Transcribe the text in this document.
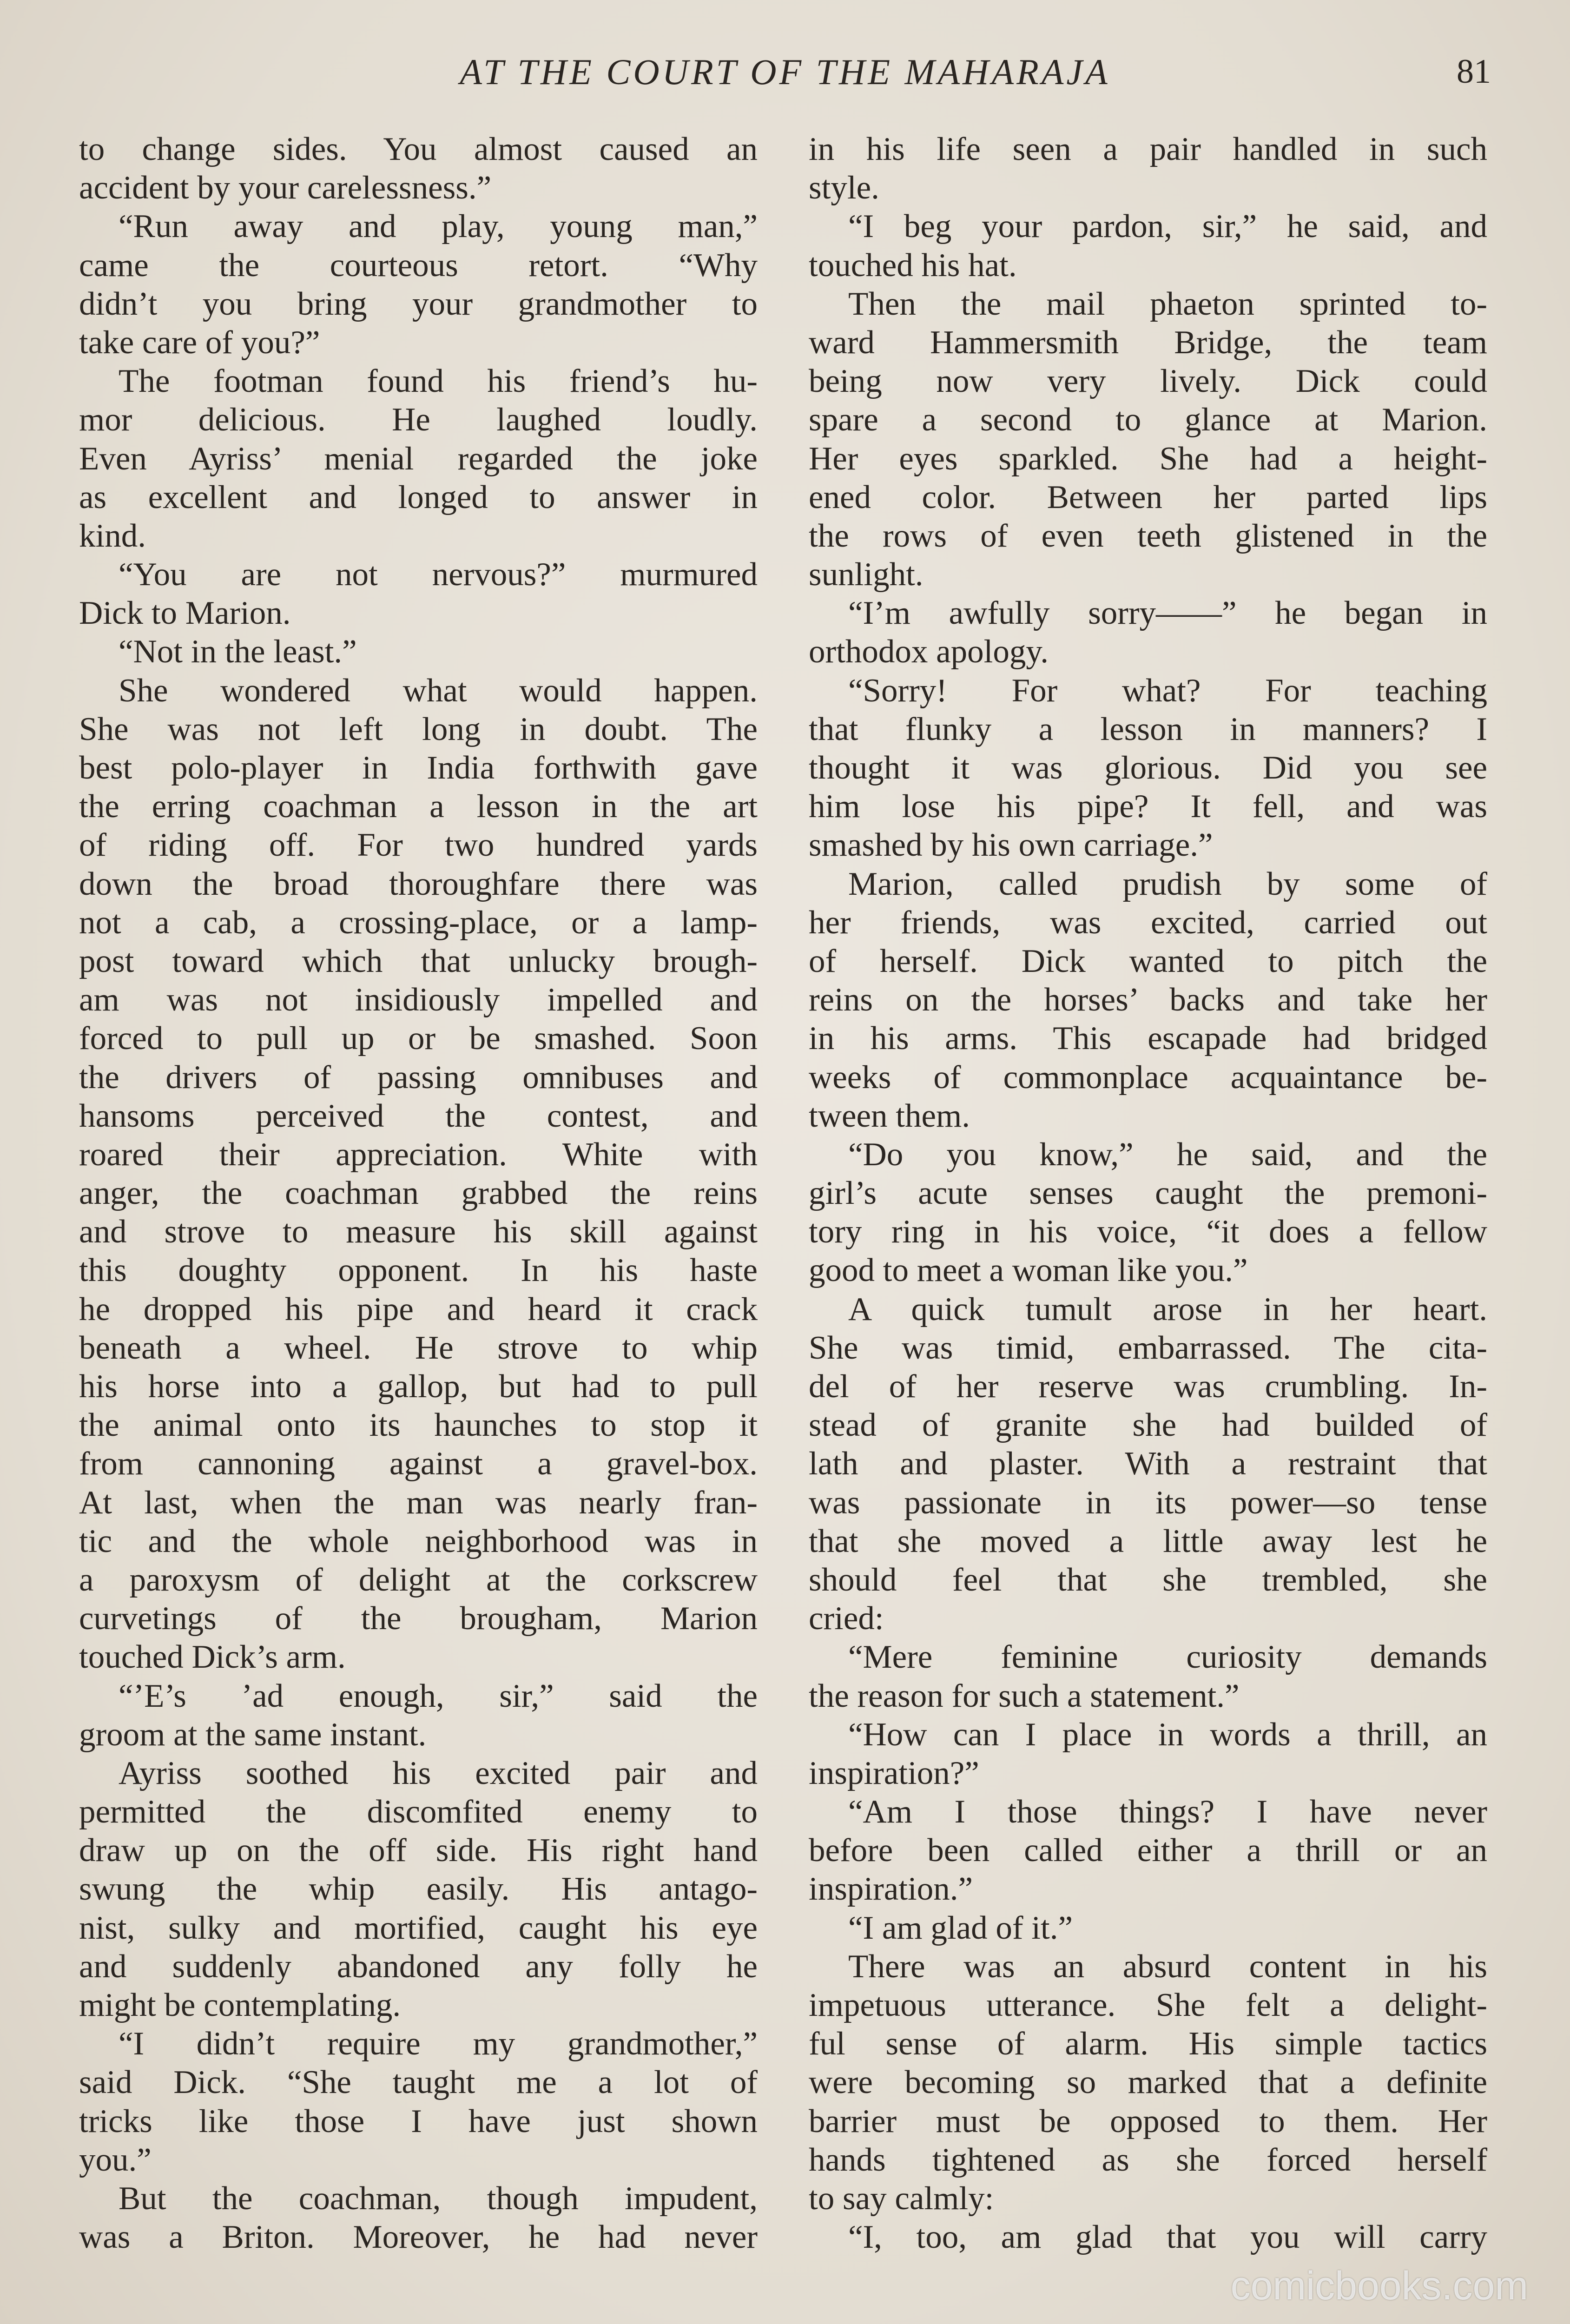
AT THE COURT OF THE MAHARAJA	81
to change sides. You almost caused an
accident by your carelessness.”
“Run away and play, young man,”
came the courteous retort. “Why
didn’t you bring your grandmother to
take care of you?”
The footman found his friend’s hu-
mor delicious. He laughed loudly.
Even Ayriss’ menial regarded the joke
as excellent and longed to answer in
kind.
“You are not nervous?” murmured
Dick to Marion.
“Not in the least.”
She wondered what would happen.
She was not left long in doubt. The
best polo-player in India forthwith gave
the erring coachman a lesson in the art
of riding off. For two hundred yards
down the broad thoroughfare there was
not a cab, a crossing-place, or a lamp-
post toward which that unlucky brough-
am was not insidiously impelled and
forced to pull up or be smashed. Soon
the drivers of passing omnibuses and
hansoms perceived the contest, and
roared their appreciation. White with
anger, the coachman grabbed the reins
and strove to measure his skill against
this doughty opponent. In his haste
he dropped his pipe and heard it crack
beneath a wheel. He strove to whip
his horse into a gallop, but had to pull
the animal onto its haunches to stop it
from cannoning against a gravel-box.
At last, when the man was nearly fran-
tic and the whole neighborhood was in
a paroxysm of delight at the corkscrew
curvetings of the brougham, Marion
touched Dick’s arm.
“’E’s ’ad enough, sir,” said the
groom at the same instant.
Ayriss soothed his excited pair and
permitted the discomfited enemy to
draw up on the off side. His right hand
swung the whip easily. His antago-
nist, sulky and mortified, caught his eye
and suddenly abandoned any folly he
might be contemplating.
“I didn’t require my grandmother,”
said Dick. “She taught me a lot of
tricks like those I have just shown
you.”
But the coachman, though impudent,
was a Briton. Moreover, he had never
in his life seen a pair handled in such
style.
“I beg your pardon, sir,” he said, and
touched his hat.
Then the mail phaeton sprinted to-
ward Hammersmith Bridge, the team
being now very lively. Dick could
spare a second to glance at Marion.
Her eyes sparkled. She had a height-
ened color. Between her parted lips
the rows of even teeth glistened in the
sunlight.
“I’m awfully sorry——” he began in
orthodox apology.
“Sorry! For what? For teaching
that flunky a lesson in manners? I
thought it was glorious. Did you see
him lose his pipe? It fell, and was
smashed by his own carriage.”
Marion, called prudish by some of
her friends, was excited, carried out
of herself. Dick wanted to pitch the
reins on the horses’ backs and take her
in his arms. This escapade had bridged
weeks of commonplace acquaintance be-
tween them.
“Do you know,” he said, and the
girl’s acute senses caught the premoni-
tory ring in his voice, “it does a fellow
good to meet a woman like you.”
A quick tumult arose in her heart.
She was timid, embarrassed. The cita-
del of her reserve was crumbling. In-
stead of granite she had builded of
lath and plaster. With a restraint that
was passionate in its power—so tense
that she moved a little away lest he
should feel that she trembled, she
cried:
“Mere feminine curiosity demands
the reason for such a statement.”
“How can I place in words a thrill, an
inspiration?”
“Am I those things? I have never
before been called either a thrill or an
inspiration.”
“I am glad of it.”
There was an absurd content in his
impetuous utterance. She felt a delight-
ful sense of alarm. His simple tactics
were becoming so marked that a definite
barrier must be opposed to them. Her
hands tightened as she forced herself
to say calmly:
“I, too, am glad that you will carry
comicbooks.com
